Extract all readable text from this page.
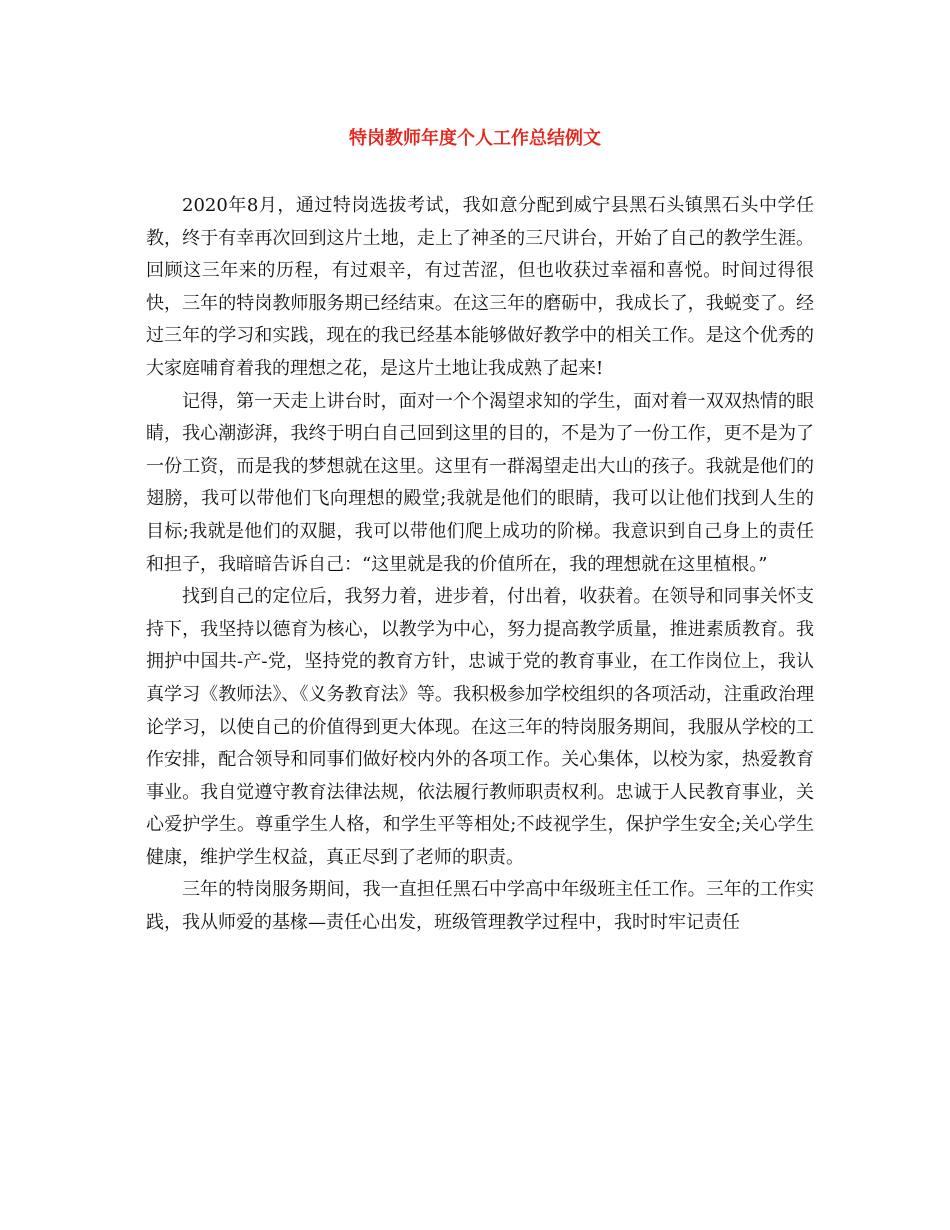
特岗教师年度个人工作总结例文

2020年8月，通过特岗选拔考试，我如意分配到威宁县黑石头镇黑石头中学任教，终于有幸再次回到这片土地，走上了神圣的三尺讲台，开始了自己的教学生涯。回顾这三年来的历程，有过艰辛，有过苦涩，但也收获过幸福和喜悦。时间过得很快，三年的特岗教师服务期已经结束。在这三年的磨砺中，我成长了，我蜕变了。经过三年的学习和实践，现在的我已经基本能够做好教学中的相关工作。是这个优秀的大家庭哺育着我的理想之花，是这片土地让我成熟了起来!

记得，第一天走上讲台时，面对一个个渴望求知的学生，面对着一双双热情的眼睛，我心潮澎湃，我终于明白自己回到这里的目的，不是为了一份工作，更不是为了一份工资，而是我的梦想就在这里。这里有一群渴望走出大山的孩子。我就是他们的翅膀，我可以带他们飞向理想的殿堂;我就是他们的眼睛，我可以让他们找到人生的目标;我就是他们的双腿，我可以带他们爬上成功的阶梯。我意识到自己身上的责任和担子，我暗暗告诉自己：“这里就是我的价值所在，我的理想就在这里植根。”

找到自己的定位后，我努力着，进步着，付出着，收获着。在领导和同事关怀支持下，我坚持以德育为核心，以教学为中心，努力提高教学质量，推进素质教育。我拥护中国共-产-党，坚持党的教育方针，忠诚于党的教育事业，在工作岗位上，我认真学习《教师法》、《义务教育法》等。我积极参加学校组织的各项活动，注重政治理论学习，以使自己的价值得到更大体现。在这三年的特岗服务期间，我服从学校的工作安排，配合领导和同事们做好校内外的各项工作。关心集体，以校为家，热爱教育事业。我自觉遵守教育法律法规，依法履行教师职责权利。忠诚于人民教育事业，关心爱护学生。尊重学生人格，和学生平等相处;不歧视学生，保护学生安全;关心学生健康，维护学生权益，真正尽到了老师的职责。

三年的特岗服务期间，我一直担任黑石中学高中年级班主任工作。三年的工作实践，我从师爱的基椽—责任心出发，班级管理教学过程中，我时时牢记责任
